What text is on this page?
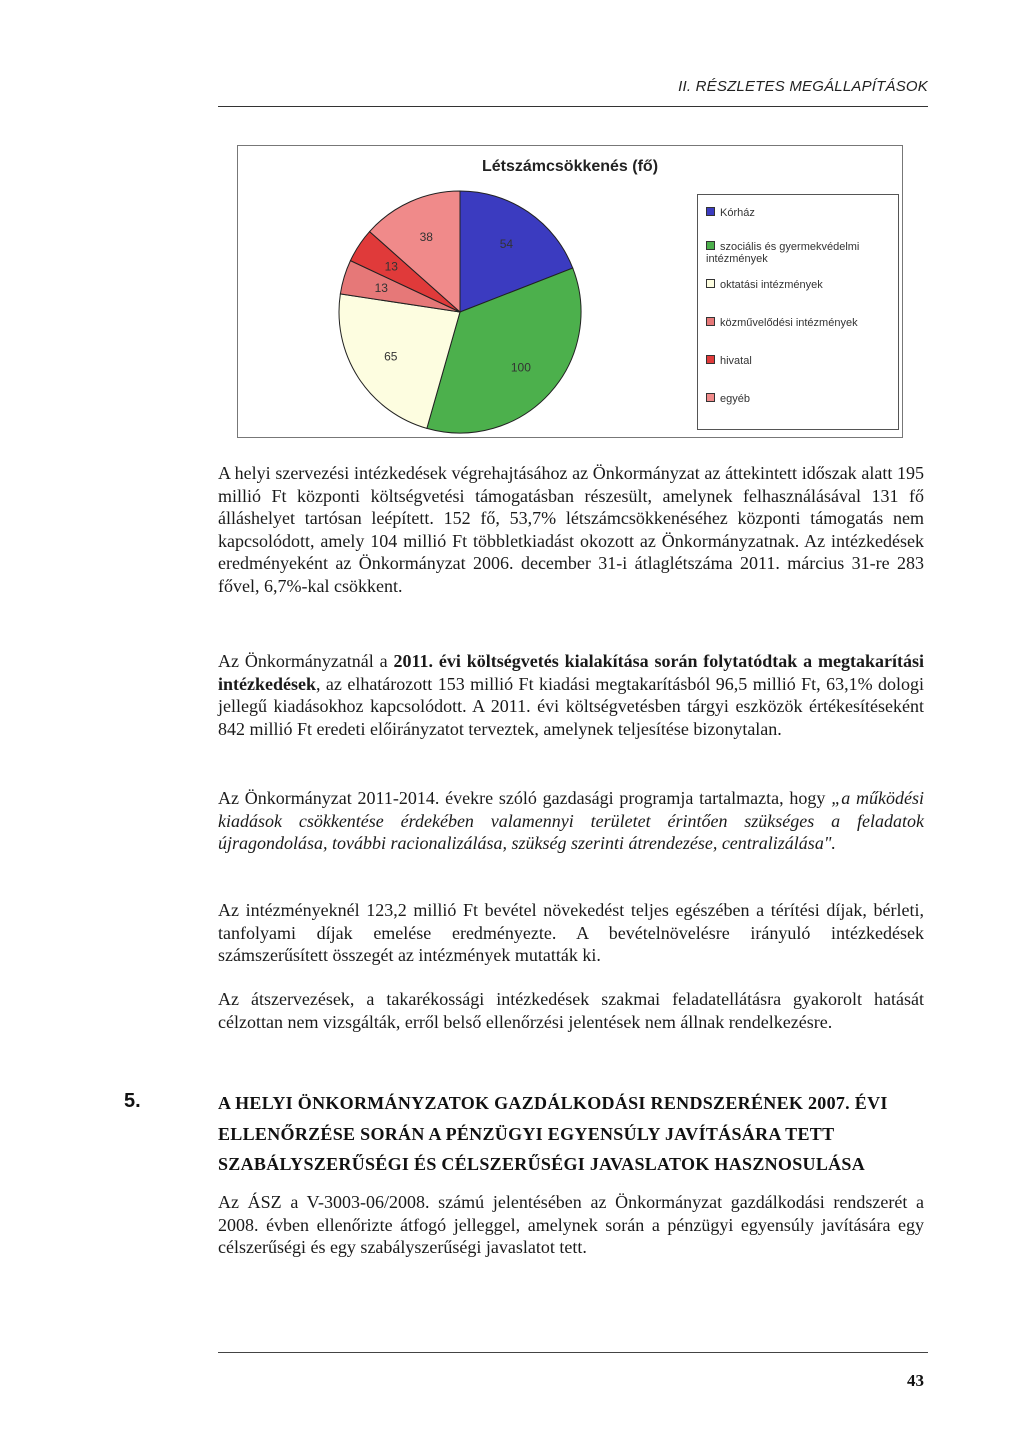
II. RÉSZLETES MEGÁLLAPÍTÁSOK
Létszámcsökkenés (fő)
54
100
65
13
13
38
Kórház
szociális és gyermekvédelmi intézmények
oktatási intézmények
közművelődési intézmények
hivatal
egyéb

A helyi szervezési intézkedések végrehajtásához az Önkormányzat az áttekintett időszak alatt 195 millió Ft központi költségvetési támogatásban részesült, amelynek felhasználásával 131 fő álláshelyet tartósan leépített. 152 fő, 53,7% létszámcsökkenéséhez központi támogatás nem kapcsolódott, amely 104 millió Ft többletkiadást okozott az Önkormányzatnak. Az intézkedések eredményeként az Önkormányzat 2006. december 31-i átlaglétszáma 2011. március 31-re 283 fővel, 6,7%-kal csökkent.

Az Önkormányzatnál a 2011. évi költségvetés kialakítása során folytatódtak a megtakarítási intézkedések, az elhatározott 153 millió Ft kiadási megtakarításból 96,5 millió Ft, 63,1% dologi jellegű kiadásokhoz kapcsolódott. A 2011. évi költségvetésben tárgyi eszközök értékesítéseként 842 millió Ft eredeti előirányzatot terveztek, amelynek teljesítése bizonytalan.

Az Önkormányzat 2011-2014. évekre szóló gazdasági programja tartalmazta, hogy „a működési kiadások csökkentése érdekében valamennyi területet érintően szükséges a feladatok újragondolása, további racionalizálása, szükség szerinti átrendezése, centralizálása".

Az intézményeknél 123,2 millió Ft bevétel növekedést teljes egészében a térítési díjak, bérleti, tanfolyami díjak emelése eredményezte. A bevételnövelésre irányuló intézkedések számszerűsített összegét az intézmények mutatták ki.

Az átszervezések, a takarékossági intézkedések szakmai feladatellátásra gyakorolt hatását célzottan nem vizsgálták, erről belső ellenőrzési jelentések nem állnak rendelkezésre.

5.	A HELYI ÖNKORMÁNYZATOK GAZDÁLKODÁSI RENDSZERÉNEK 2007. ÉVI ELLENŐRZÉSE SORÁN A PÉNZÜGYI EGYENSÚLY JAVÍTÁSÁRA TETT SZABÁLYSZERŰSÉGI ÉS CÉLSZERŰSÉGI JAVASLATOK HASZNOSULÁSA

Az ÁSZ a V-3003-06/2008. számú jelentésében az Önkormányzat gazdálkodási rendszerét a 2008. évben ellenőrizte átfogó jelleggel, amelynek során a pénzügyi egyensúly javítására egy célszerűségi és egy szabályszerűségi javaslatot tett.

43
